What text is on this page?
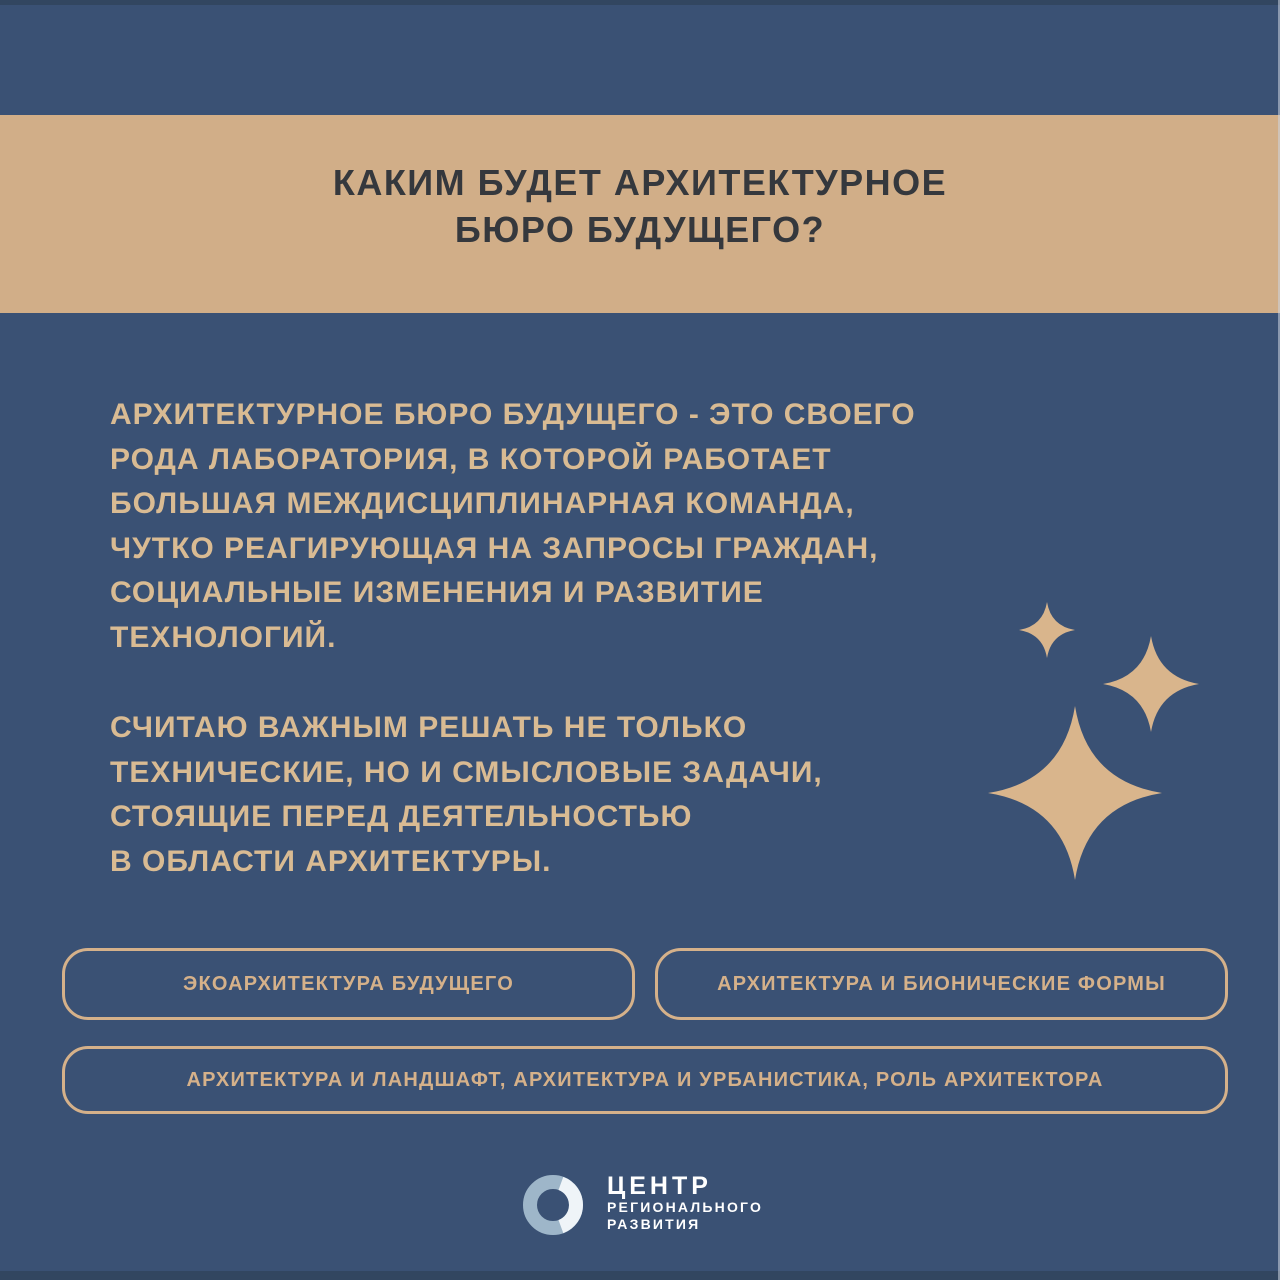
КАКИМ БУДЕТ АРХИТЕКТУРНОЕ
БЮРО БУДУЩЕГО?
АРХИТЕКТУРНОЕ БЮРО БУДУЩЕГО - ЭТО СВОЕГО
РОДА ЛАБОРАТОРИЯ, В КОТОРОЙ РАБОТАЕТ
БОЛЬШАЯ МЕЖДИСЦИПЛИНАРНАЯ КОМАНДА,
ЧУТКО РЕАГИРУЮЩАЯ НА ЗАПРОСЫ ГРАЖДАН,
СОЦИАЛЬНЫЕ ИЗМЕНЕНИЯ И РАЗВИТИЕ
ТЕХНОЛОГИЙ.
СЧИТАЮ ВАЖНЫМ РЕШАТЬ НЕ ТОЛЬКО
ТЕХНИЧЕСКИЕ, НО И СМЫСЛОВЫЕ ЗАДАЧИ,
СТОЯЩИЕ ПЕРЕД ДЕЯТЕЛЬНОСТЬЮ
В ОБЛАСТИ АРХИТЕКТУРЫ.
ЭКОАРХИТЕКТУРА БУДУЩЕГО	АРХИТЕКТУРА И БИОНИЧЕСКИЕ ФОРМЫ
АРХИТЕКТУРА И ЛАНДШАФТ, АРХИТЕКТУРА И УРБАНИСТИКА, РОЛЬ АРХИТЕКТОРА
ЦЕНТР
РЕГИОНАЛЬНОГО
РАЗВИТИЯ
